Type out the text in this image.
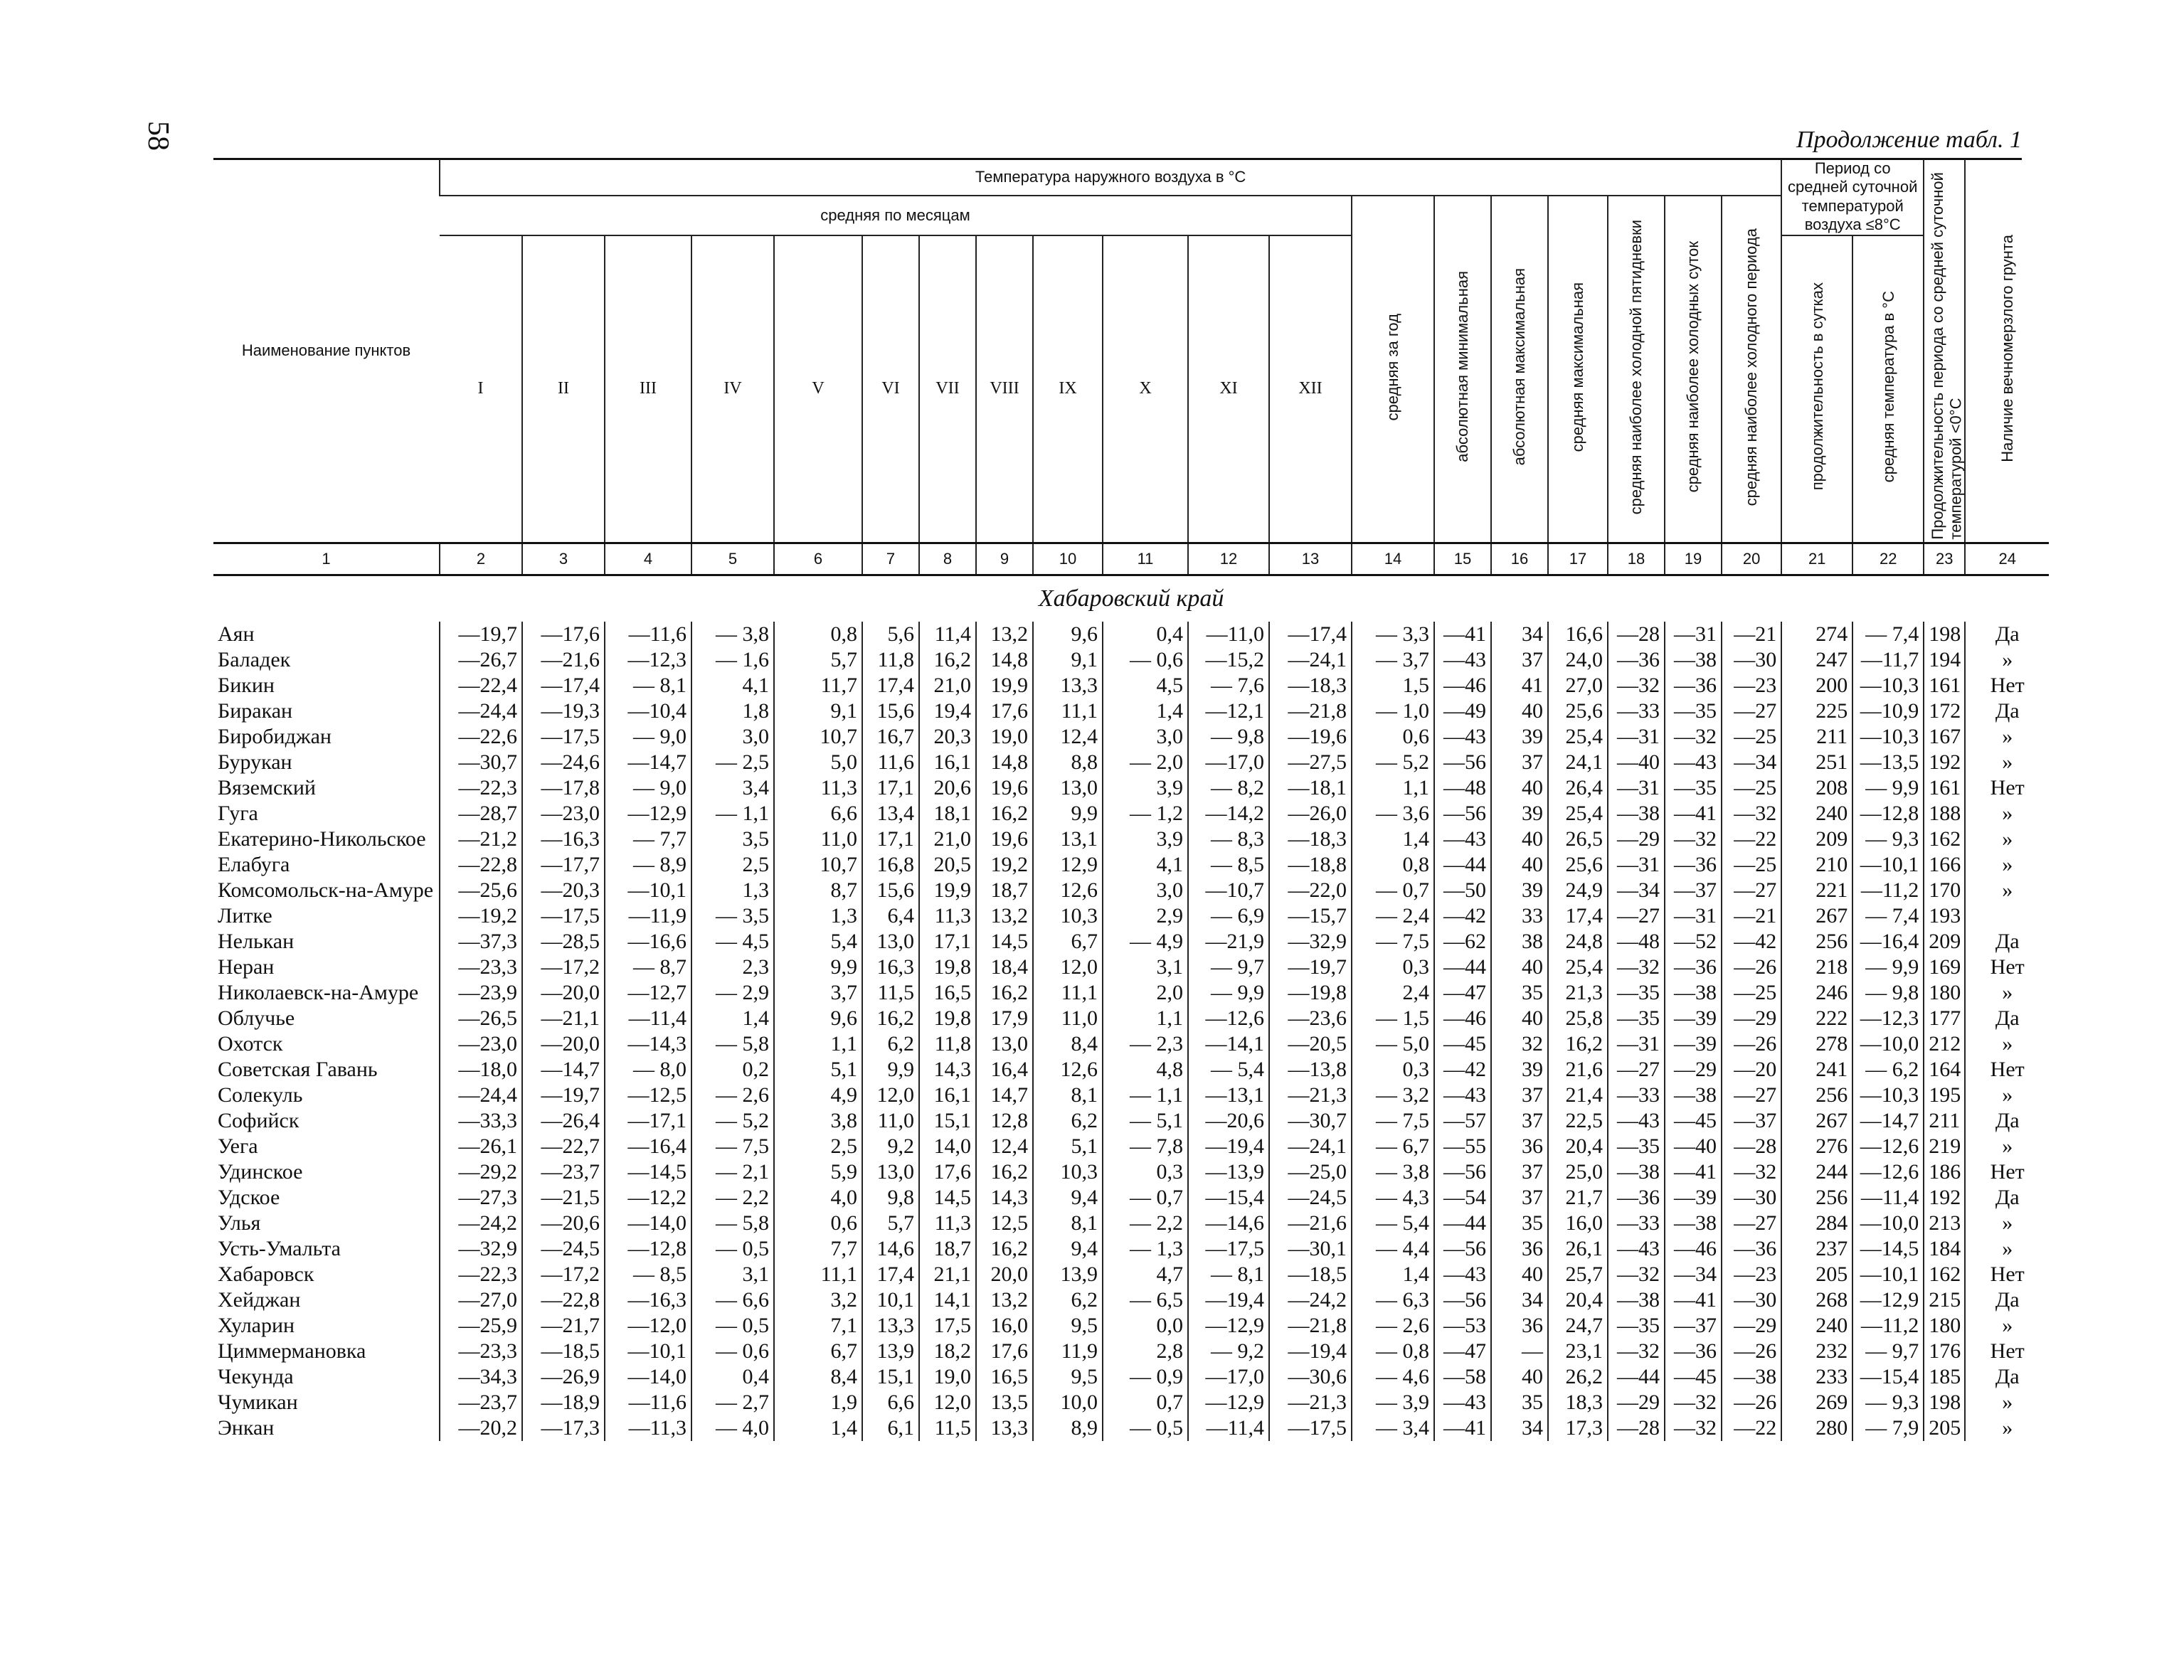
58	Продолжение табл. 1
Наименование пунктов	Температура наружного воздуха в °С																			Период со средней суточной температурой воздуха ≤8°С		Продолжительность периода со средней суточной температурой <0°С	Наличие вечномерзлого грунта
	средняя по месяцам												средняя за год	абсолютная минимальная	абсолютная максимальная	средняя максимальная	средняя наиболее холодной пятидневки	средняя наиболее холодных суток	средняя наиболее холодного периода				
	I	II	III	IV	V	VI	VII	VIII	IX	X	XI	XII								продолжительность в сутках	средняя температура в °С		
1	2	3	4	5	6	7	8	9	10	11	12	13	14	15	16	17	18	19	20	21	22	23	24
Хабаровский край																							
Аян	—19,7	—17,6	—11,6	— 3,8	0,8	5,6	11,4	13,2	9,6	0,4	—11,0	—17,4	— 3,3	—41	34	16,6	—28	—31	—21	274	— 7,4	198	Да
Баладек	—26,7	—21,6	—12,3	— 1,6	5,7	11,8	16,2	14,8	9,1	— 0,6	—15,2	—24,1	— 3,7	—43	37	24,0	—36	—38	—30	247	—11,7	194	»
Бикин	—22,4	—17,4	— 8,1	4,1	11,7	17,4	21,0	19,9	13,3	4,5	— 7,6	—18,3	1,5	—46	41	27,0	—32	—36	—23	200	—10,3	161	Нет
Биракан	—24,4	—19,3	—10,4	1,8	9,1	15,6	19,4	17,6	11,1	1,4	—12,1	—21,8	— 1,0	—49	40	25,6	—33	—35	—27	225	—10,9	172	Да
Биробиджан	—22,6	—17,5	— 9,0	3,0	10,7	16,7	20,3	19,0	12,4	3,0	— 9,8	—19,6	0,6	—43	39	25,4	—31	—32	—25	211	—10,3	167	»
Бурукан	—30,7	—24,6	—14,7	— 2,5	5,0	11,6	16,1	14,8	8,8	— 2,0	—17,0	—27,5	— 5,2	—56	37	24,1	—40	—43	—34	251	—13,5	192	»
Вяземский	—22,3	—17,8	— 9,0	3,4	11,3	17,1	20,6	19,6	13,0	3,9	— 8,2	—18,1	1,1	—48	40	26,4	—31	—35	—25	208	— 9,9	161	Нет
Гуга	—28,7	—23,0	—12,9	— 1,1	6,6	13,4	18,1	16,2	9,9	— 1,2	—14,2	—26,0	— 3,6	—56	39	25,4	—38	—41	—32	240	—12,8	188	»
Екатерино-Никольское	—21,2	—16,3	— 7,7	3,5	11,0	17,1	21,0	19,6	13,1	3,9	— 8,3	—18,3	1,4	—43	40	26,5	—29	—32	—22	209	— 9,3	162	»
Елабуга	—22,8	—17,7	— 8,9	2,5	10,7	16,8	20,5	19,2	12,9	4,1	— 8,5	—18,8	0,8	—44	40	25,6	—31	—36	—25	210	—10,1	166	»
Комсомольск-на-Амуре	—25,6	—20,3	—10,1	1,3	8,7	15,6	19,9	18,7	12,6	3,0	—10,7	—22,0	— 0,7	—50	39	24,9	—34	—37	—27	221	—11,2	170	»
Литке	—19,2	—17,5	—11,9	— 3,5	1,3	6,4	11,3	13,2	10,3	2,9	— 6,9	—15,7	— 2,4	—42	33	17,4	—27	—31	—21	267	— 7,4	193	
Нелькан	—37,3	—28,5	—16,6	— 4,5	5,4	13,0	17,1	14,5	6,7	— 4,9	—21,9	—32,9	— 7,5	—62	38	24,8	—48	—52	—42	256	—16,4	209	Да
Неран	—23,3	—17,2	— 8,7	2,3	9,9	16,3	19,8	18,4	12,0	3,1	— 9,7	—19,7	0,3	—44	40	25,4	—32	—36	—26	218	— 9,9	169	Нет
Николаевск-на-Амуре	—23,9	—20,0	—12,7	— 2,9	3,7	11,5	16,5	16,2	11,1	2,0	— 9,9	—19,8	2,4	—47	35	21,3	—35	—38	—25	246	— 9,8	180	»
Облучье	—26,5	—21,1	—11,4	1,4	9,6	16,2	19,8	17,9	11,0	1,1	—12,6	—23,6	— 1,5	—46	40	25,8	—35	—39	—29	222	—12,3	177	Да
Охотск	—23,0	—20,0	—14,3	— 5,8	1,1	6,2	11,8	13,0	8,4	— 2,3	—14,1	—20,5	— 5,0	—45	32	16,2	—31	—39	—26	278	—10,0	212	»
Советская Гавань	—18,0	—14,7	— 8,0	0,2	5,1	9,9	14,3	16,4	12,6	4,8	— 5,4	—13,8	0,3	—42	39	21,6	—27	—29	—20	241	— 6,2	164	Нет
Солекуль	—24,4	—19,7	—12,5	— 2,6	4,9	12,0	16,1	14,7	8,1	— 1,1	—13,1	—21,3	— 3,2	—43	37	21,4	—33	—38	—27	256	—10,3	195	»
Софийск	—33,3	—26,4	—17,1	— 5,2	3,8	11,0	15,1	12,8	6,2	— 5,1	—20,6	—30,7	— 7,5	—57	37	22,5	—43	—45	—37	267	—14,7	211	Да
Уега	—26,1	—22,7	—16,4	— 7,5	2,5	9,2	14,0	12,4	5,1	— 7,8	—19,4	—24,1	— 6,7	—55	36	20,4	—35	—40	—28	276	—12,6	219	»
Удинское	—29,2	—23,7	—14,5	— 2,1	5,9	13,0	17,6	16,2	10,3	0,3	—13,9	—25,0	— 3,8	—56	37	25,0	—38	—41	—32	244	—12,6	186	Нет
Удское	—27,3	—21,5	—12,2	— 2,2	4,0	9,8	14,5	14,3	9,4	— 0,7	—15,4	—24,5	— 4,3	—54	37	21,7	—36	—39	—30	256	—11,4	192	Да
Улья	—24,2	—20,6	—14,0	— 5,8	0,6	5,7	11,3	12,5	8,1	— 2,2	—14,6	—21,6	— 5,4	—44	35	16,0	—33	—38	—27	284	—10,0	213	»
Усть-Умальта	—32,9	—24,5	—12,8	— 0,5	7,7	14,6	18,7	16,2	9,4	— 1,3	—17,5	—30,1	— 4,4	—56	36	26,1	—43	—46	—36	237	—14,5	184	»
Хабаровск	—22,3	—17,2	— 8,5	3,1	11,1	17,4	21,1	20,0	13,9	4,7	— 8,1	—18,5	1,4	—43	40	25,7	—32	—34	—23	205	—10,1	162	Нет
Хейджан	—27,0	—22,8	—16,3	— 6,6	3,2	10,1	14,1	13,2	6,2	— 6,5	—19,4	—24,2	— 6,3	—56	34	20,4	—38	—41	—30	268	—12,9	215	Да
Хуларин	—25,9	—21,7	—12,0	— 0,5	7,1	13,3	17,5	16,0	9,5	0,0	—12,9	—21,8	— 2,6	—53	36	24,7	—35	—37	—29	240	—11,2	180	»
Циммермановка	—23,3	—18,5	—10,1	— 0,6	6,7	13,9	18,2	17,6	11,9	2,8	— 9,2	—19,4	— 0,8	—47	—	23,1	—32	—36	—26	232	— 9,7	176	Нет
Чекунда	—34,3	—26,9	—14,0	0,4	8,4	15,1	19,0	16,5	9,5	— 0,9	—17,0	—30,6	— 4,6	—58	40	26,2	—44	—45	—38	233	—15,4	185	Да
Чумикан	—23,7	—18,9	—11,6	— 2,7	1,9	6,6	12,0	13,5	10,0	0,7	—12,9	—21,3	— 3,9	—43	35	18,3	—29	—32	—26	269	— 9,3	198	»
Энкан	—20,2	—17,3	—11,3	— 4,0	1,4	6,1	11,5	13,3	8,9	— 0,5	—11,4	—17,5	— 3,4	—41	34	17,3	—28	—32	—22	280	— 7,9	205	»
